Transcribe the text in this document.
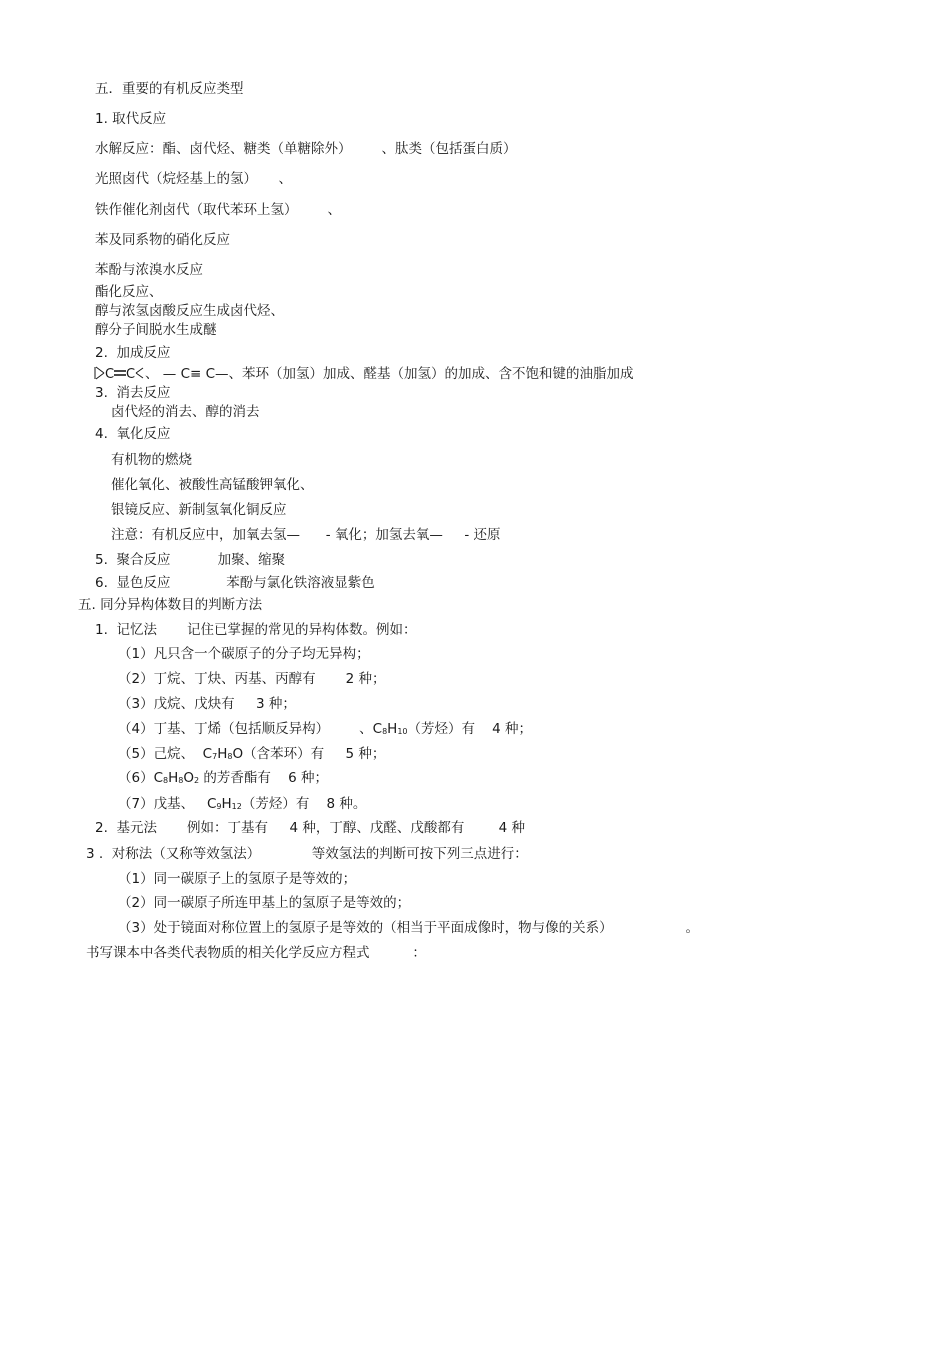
五．重要的有机反应类型
1. 取代反应
水解反应：酯、卤代烃、糖类（单糖除外）       、肽类（包括蛋白质）
光照卤代（烷烃基上的氢）     、
铁作催化剂卤代（取代苯环上氢）       、
苯及同系物的硝化反应
苯酚与浓溴水反应
酯化反应、
醇与浓氢卤酸反应生成卤代烃、
醇分子间脱水生成醚
2.  加成反应
C C 、 — C≡ C—、苯环（加氢）加成、醛基（加氢）的加成、含不饱和键的油脂加成
3.  消去反应
卤代烃的消去、醇的消去
4.  氧化反应
有机物的燃烧
催化氧化、被酸性高锰酸钾氧化、
银镜反应、新制氢氧化铜反应
注意：有机反应中，加氧去氢—      - 氧化；加氢去氧—     - 还原
5.  聚合反应           加聚、缩聚
6.  显色反应             苯酚与氯化铁溶液显紫色
五. 同分异构体数目的判断方法
1.  记忆法       记住已掌握的常见的异构体数。例如：
（1）凡只含一个碳原子的分子均无异构；
（2）丁烷、丁炔、丙基、丙醇有       2 种；
（3）戊烷、戊炔有     3 种；
（4）丁基、丁烯（包括顺反异构）       、C8H10（芳烃）有    4 种；
（5）己烷、  C7H8O（含苯环）有     5 种；
（6）C8H8O2 的芳香酯有    6 种；
（7）戊基、   C9H12（芳烃）有    8 种。
2.  基元法       例如：丁基有     4 种，丁醇、戊醛、戊酸都有        4 种
3 .  对称法（又称等效氢法）            等效氢法的判断可按下列三点进行：
（1）同一碳原子上的氢原子是等效的；
（2）同一碳原子所连甲基上的氢原子是等效的；
（3）处于镜面对称位置上的氢原子是等效的（相当于平面成像时，物与像的关系）                 。
书写课本中各类代表物质的相关化学反应方程式          ：
